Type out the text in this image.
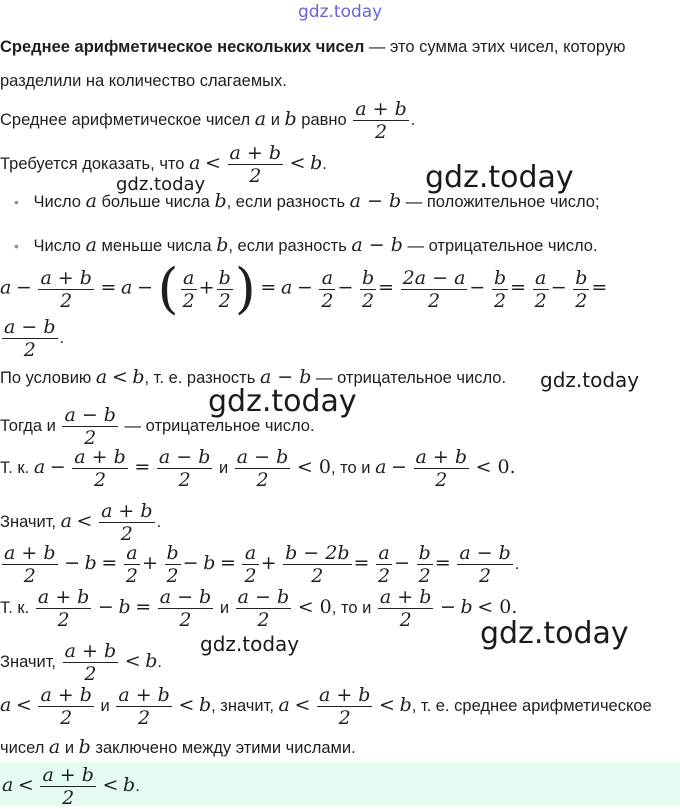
gdz.today
Среднее арифметическое нескольких чисел — это сумма этих чисел, которую
разделили на количество слагаемых.
Среднее арифметическое чисел a и b равно $\frac{a + b}{2}$ .
Требуется доказать, что $a < \frac{a + b}{2} < b$.
• Число a больше числа b, если разность a − b — положительное число;
• Число a меньше числа b, если разность a − b — отрицательное число.
$a - \frac{a + b}{2} = a$ − ( $\frac{a}{2} + \frac{b}{2}$ ) = $a - \frac{a}{2} - \frac{b}{2} = \frac{2a - a}{2} - \frac{b}{2} = \frac{a}{2} - \frac{b}{2}$ =
$\frac{a - b}{2}$ .
По условию a < b, т. е. разность a − b — отрицательное число.
Тогда и $\frac{a - b}{2}$ — отрицательное число.
Т. к. $a - \frac{a + b}{2} = \frac{a - b}{2}$ и $\frac{a - b}{2} < 0$, то и $a - \frac{a + b}{2} < 0$.
Значит, $a < \frac{a + b}{2}$ .
$\frac{a + b}{2} - b = \frac{a}{2} + \frac{b}{2} - b = \frac{a}{2} + \frac{b - 2b}{2} = \frac{a}{2} - \frac{b}{2} = \frac{a - b}{2}$ .
Т. к. $\frac{a + b}{2} - b = \frac{a - b}{2}$ и $\frac{a - b}{2} < 0$, то и $\frac{a + b}{2} - b < 0$.
Значит, $\frac{a + b}{2} < b$.
$a < \frac{a + b}{2}$ и $\frac{a + b}{2} < b$, значит, $a < \frac{a + b}{2} < b$, т. е. среднее арифметическое
чисел a и b заключено между этими числами.
$a < \frac{a + b}{2} < b$.
gdz.today	gdz.today
gdz.today
gdz.today
gdz.today	gdz.today
